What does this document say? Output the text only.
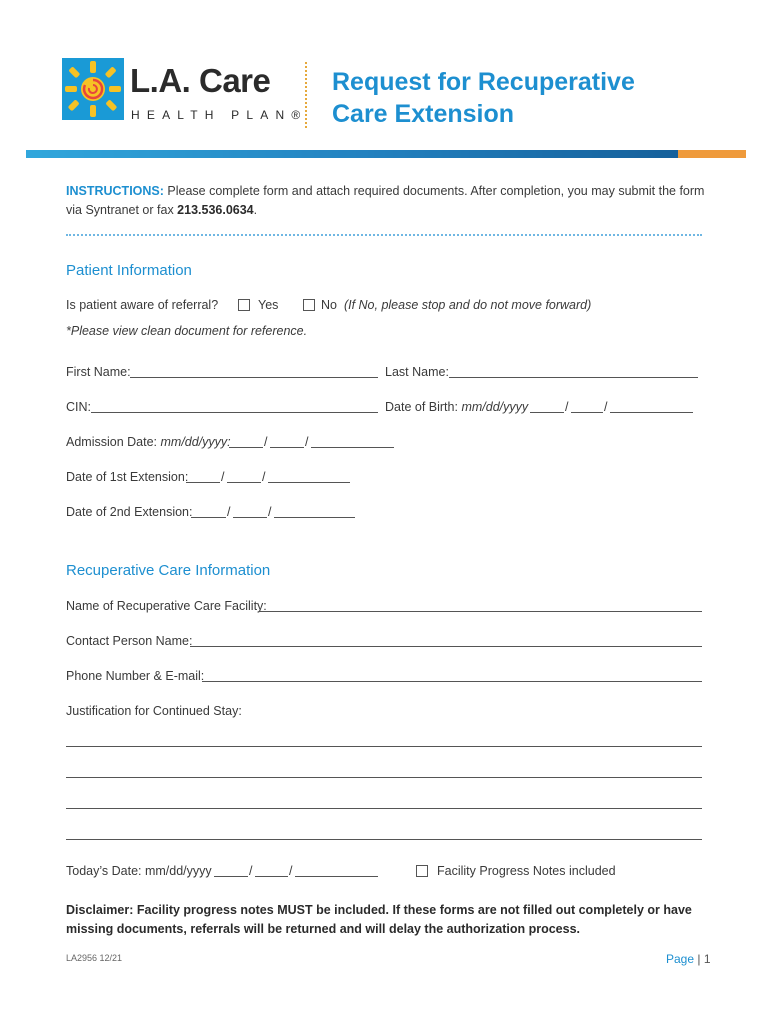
L.A. Care
HEALTH PLAN®
Request for Recuperative
Care Extension
INSTRUCTIONS: Please complete form and attach required documents. After completion, you may submit the form via Syntranet or fax 213.536.0634.
Patient Information
Is patient aware of referral?	Yes	No (If No, please stop and do not move forward)
*Please view clean document for reference.
First Name:	Last Name:
CIN:	Date of Birth: mm/dd/yyyy	/	/
Admission Date: mm/dd/yyyy:	/	/
Date of 1st Extension:	/	/
Date of 2nd Extension:	/	/
Recuperative Care Information
Name of Recuperative Care Facility:
Contact Person Name:
Phone Number & E-mail:
Justification for Continued Stay:
Today’s Date: mm/dd/yyyy	/	/	Facility Progress Notes included
Disclaimer: Facility progress notes MUST be included. If these forms are not filled out completely or have missing documents, referrals will be returned and will delay the authorization process.
LA2956 12/21	Page | 1
